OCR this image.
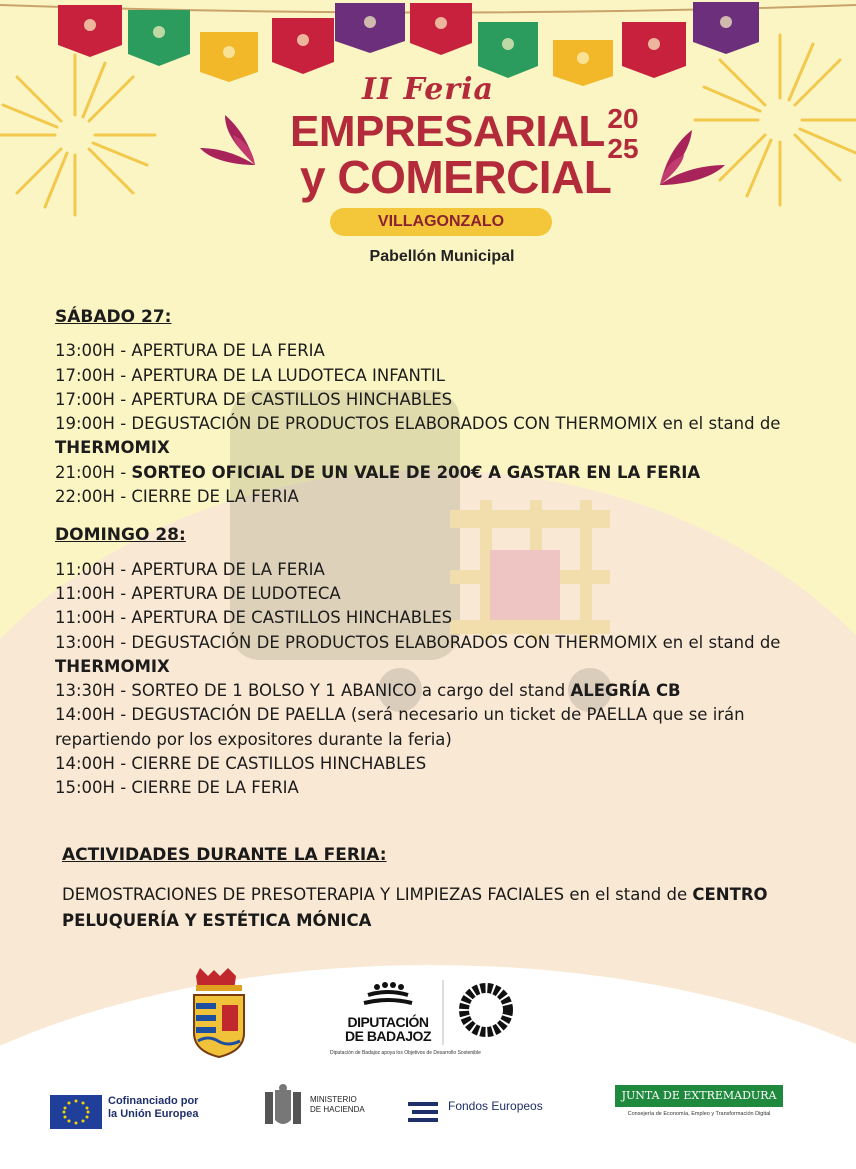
II Feria
EMPRESARIAL
y COMERCIAL
20
25
VILLAGONZALO
Pabellón Municipal
SÁBADO 27:

13:00H - APERTURA DE LA FERIA

17:00H - APERTURA DE LA LUDOTECA INFANTIL

17:00H - APERTURA DE CASTILLOS HINCHABLES

19:00H - DEGUSTACIÓN DE PRODUCTOS ELABORADOS CON THERMOMIX en el stand de THERMOMIX

21:00H - SORTEO OFICIAL DE UN VALE DE 200€ A GASTAR EN LA FERIA

22:00H - CIERRE DE LA FERIA

DOMINGO 28:

11:00H - APERTURA DE LA FERIA

11:00H - APERTURA DE LUDOTECA

11:00H - APERTURA DE CASTILLOS HINCHABLES

13:00H - DEGUSTACIÓN DE PRODUCTOS ELABORADOS CON THERMOMIX en el stand de THERMOMIX

13:30H - SORTEO DE 1 BOLSO Y 1 ABANICO a cargo del stand ALEGRÍA CB

14:00H - DEGUSTACIÓN DE PAELLA (será necesario un ticket de PAELLA que se irán repartiendo por los expositores durante la feria)

14:00H - CIERRE DE CASTILLOS HINCHABLES

15:00H - CIERRE DE LA FERIA

ACTIVIDADES DURANTE LA FERIA:

DEMOSTRACIONES DE PRESOTERAPIA Y LIMPIEZAS FACIALES en el stand de CENTRO PELUQUERÍA Y ESTÉTICA MÓNICA

DIPUTACIÓN
DE BADAJOZ
Diputación de Badajoz apoya los Objetivos de Desarrollo Sostenible
Cofinanciado por
la Unión Europea
MINISTERIO
DE HACIENDA	Fondos Europeos
JUNTA DE EXTREMADURA
Consejería de Economía, Empleo y Transformación Digital
